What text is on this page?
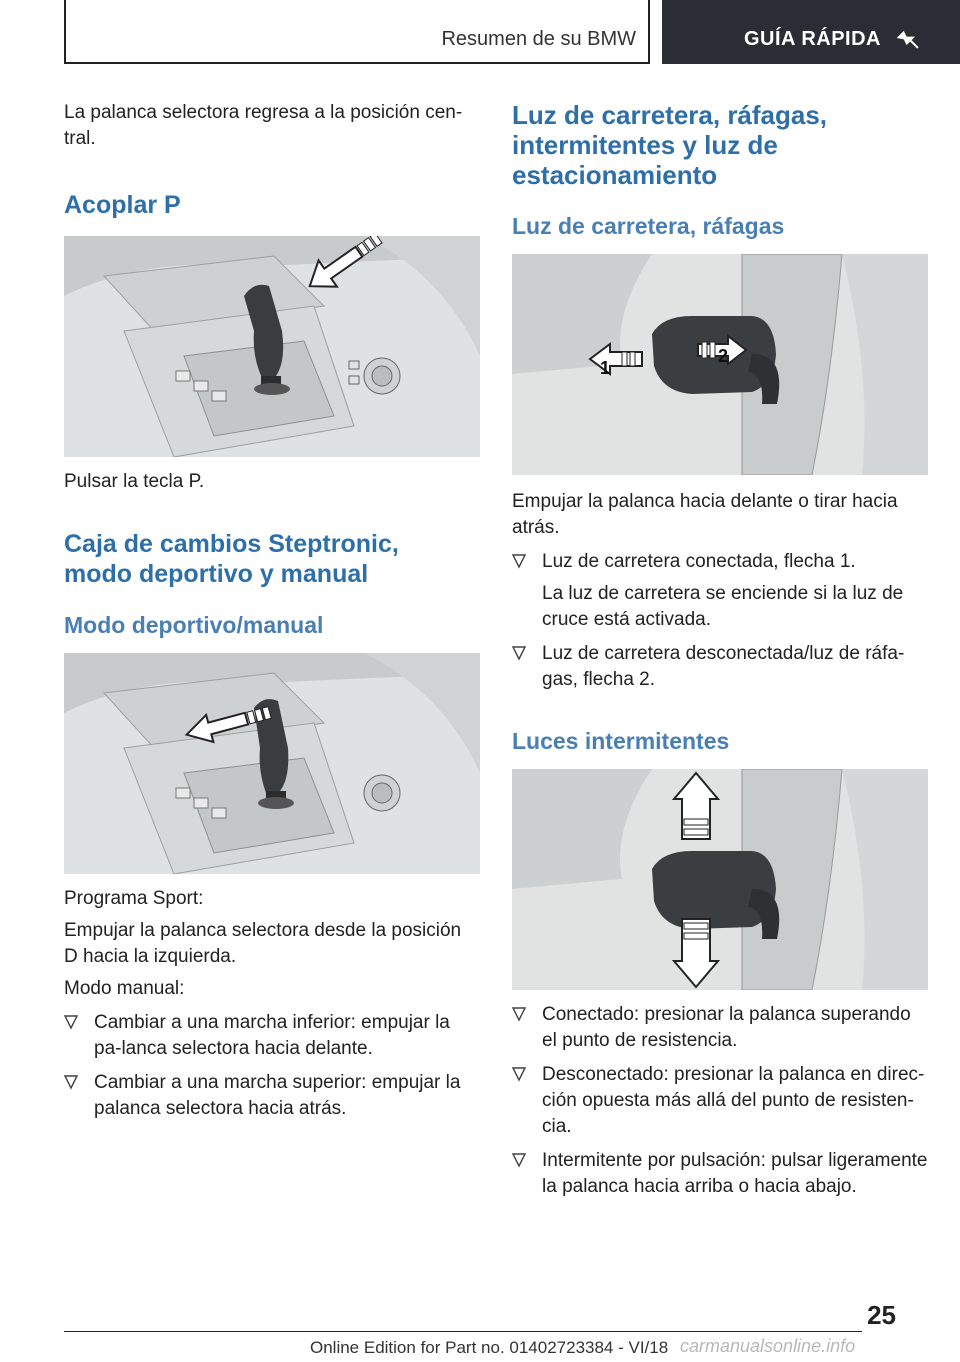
Resumen de su BMW	GUÍA RÁPIDA

La palanca selectora regresa a la posición cen-tral.

Acoplar P

Pulsar la tecla P.

Caja de cambios Steptronic, modo deportivo y manual
Modo deportivo/manual

Programa Sport:

Empujar la palanca selectora desde la posición D hacia la izquierda.

Modo manual:

Cambiar a una marcha inferior: empujar la pa-lanca selectora hacia delante.
Cambiar a una marcha superior: empujar la palanca selectora hacia atrás.
Luz de carretera, ráfagas, intermitentes y luz de estacionamiento
Luz de carretera, ráfagas
1
2

Empujar la palanca hacia delante o tirar hacia atrás.

Luz de carretera conectada, flecha 1.
La luz de carretera se enciende si la luz de cruce está activada.
Luz de carretera desconectada/luz de ráfa-gas, flecha 2.
Luces intermitentes
Conectado: presionar la palanca superando el punto de resistencia.
Desconectado: presionar la palanca en direc-ción opuesta más allá del punto de resisten-cia.
Intermitente por pulsación: pulsar ligeramente la palanca hacia arriba o hacia abajo.
25
Online Edition for Part no. 01402723384 - VI/18 carmanualsonline.info
